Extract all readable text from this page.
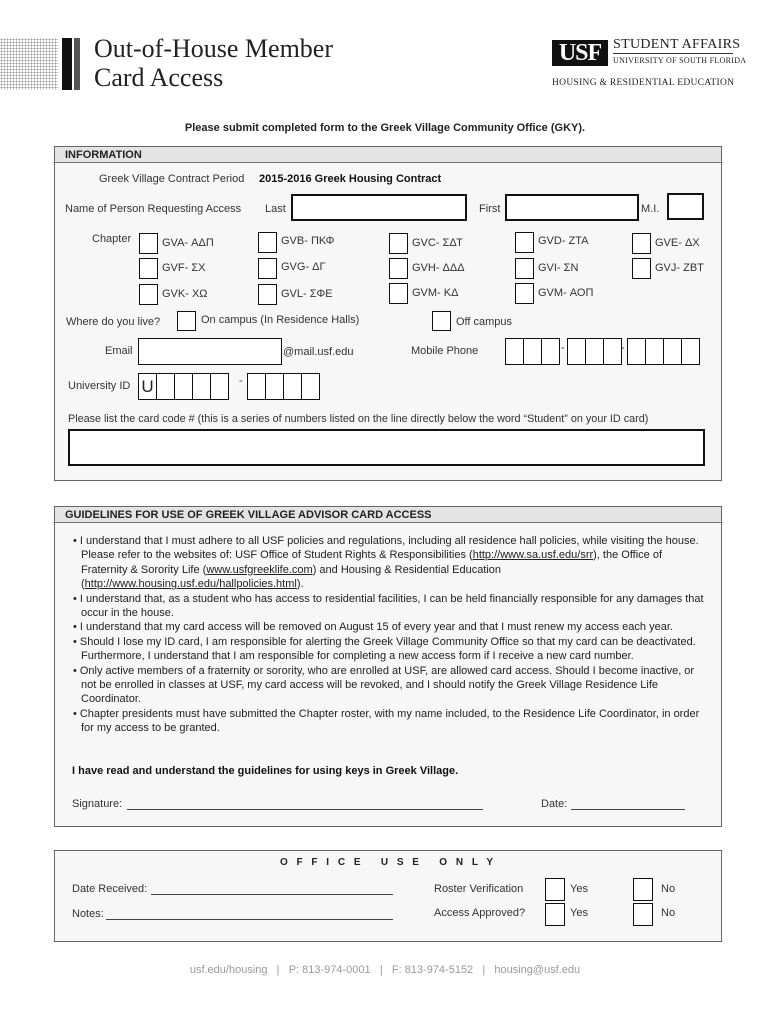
Out-of-House Member
Card Access
USF STUDENT AFFAIRS
UNIVERSITY OF SOUTH FLORIDA
HOUSING & RESIDENTIAL EDUCATION
Please submit completed form to the Greek Village Community Office (GKY).
INFORMATION
Greek Village Contract Period 2015-2016 Greek Housing Contract
Name of Person Requesting Access Last	First	M.I.
Chapter	GVA- ΑΔΠ	GVB- ΠΚΦ	GVC- ΣΔΤ	GVD- ΖΤΑ	GVE- ΔΧ
GVF- ΣΧ	GVG- ΔΓ	GVH- ΔΔΔ	GVI- ΣΝ	GVJ- ΖΒΤ
GVK- ΧΩ	GVL- ΣΦΕ	GVM- ΚΔ	GVM- ΑΟΠ
Where do you live?	On campus (In Residence Halls)	Off campus
Email	@mail.usf.edu	Mobile Phone	-	-
University ID U	-
Please list the card code # (this is a series of numbers listed on the line directly below the word “Student” on your ID card)
GUIDELINES FOR USE OF GREEK VILLAGE ADVISOR CARD ACCESS
• I understand that I must adhere to all USF policies and regulations, including all residence hall policies, while visiting the house. Please refer to the websites of: USF Office of Student Rights & Responsibilities (http://www.sa.usf.edu/srr), the Office of Fraternity & Sorority Life (www.usfgreeklife.com) and Housing & Residential Education (http://www.housing.usf.edu/hallpolicies.html).
• I understand that, as a student who has access to residential facilities, I can be held financially responsible for any damages that occur in the house.
• I understand that my card access will be removed on August 15 of every year and that I must renew my access each year.
• Should I lose my ID card, I am responsible for alerting the Greek Village Community Office so that my card can be deactivated. Furthermore, I understand that I am responsible for completing a new access form if I receive a new card number.
• Only active members of a fraternity or sorority, who are enrolled at USF, are allowed card access. Should I become inactive, or not be enrolled in classes at USF, my card access will be revoked, and I should notify the Greek Village Residence Life Coordinator.
• Chapter presidents must have submitted the Chapter roster, with my name included, to the Residence Life Coordinator, in order for my access to be granted.
I have read and understand the guidelines for using keys in Greek Village.
Signature:	Date:
O F F I C E   U S E   O N L Y
Date Received:
Notes:
Roster Verification	Yes	No
Access Approved?	Yes	No
usf.edu/housing   |   P: 813-974-0001   |   F: 813-974-5152   |   housing@usf.edu
